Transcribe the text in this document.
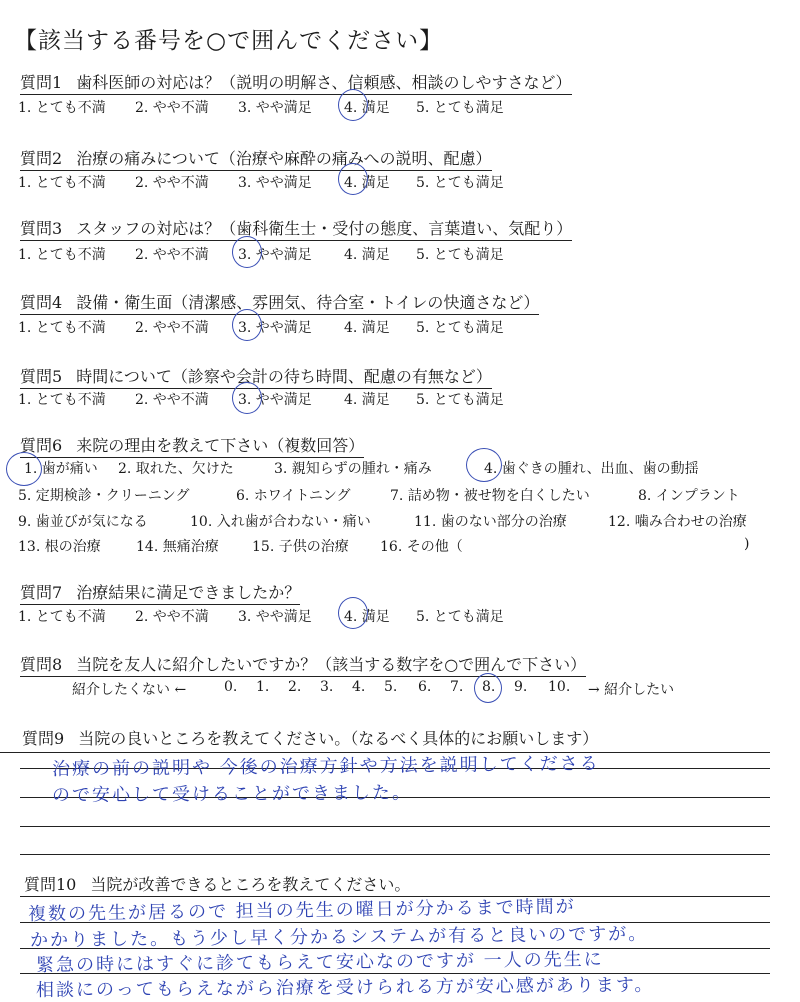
【該当する番号を○で囲んでください】
質問1 歯科医師の対応は？（説明の明解さ、信頼感、相談のしやすさなど）
1. とても不満 2. やや不満 3. やや満足 4. 満足 5. とても満足
質問2 治療の痛みについて（治療や麻酔の痛みへの説明、配慮）
1. とても不満 2. やや不満 3. やや満足 4. 満足 5. とても満足
質問3 スタッフの対応は？（歯科衛生士・受付の態度、言葉遣い、気配り）
1. とても不満 2. やや不満 3. やや満足 4. 満足 5. とても満足
質問4 設備・衛生面（清潔感、雰囲気、待合室・トイレの快適さなど）
1. とても不満 2. やや不満 3. やや満足 4. 満足 5. とても満足
質問5 時間について（診察や会計の待ち時間、配慮の有無など）
1. とても不満 2. やや不満 3. やや満足 4. 満足 5. とても満足
質問6 来院の理由を教えて下さい（複数回答）
1. 歯が痛い 2. 取れた、欠けた	3. 親知らずの腫れ・痛み	4. 歯ぐきの腫れ、出血、歯の動揺
5. 定期検診・クリーニング	6. ホワイトニング	7. 詰め物・被せ物を白くしたい	8. インプラント
9. 歯並びが気になる	10. 入れ歯が合わない・痛い	11. 歯のない部分の治療	12. 噛み合わせの治療
13. 根の治療	14. 無痛治療 15. 子供の治療 16. その他（	)
質問7 治療結果に満足できましたか？
1. とても不満 2. やや不満 3. やや満足 4. 満足 5. とても満足
質問8 当院を友人に紹介したいですか？（該当する数字を○で囲んで下さい）
紹介したくない ←	0. 1. 2. 3. 4. 5. 6. 7. 8. 9. 10. → 紹介したい
質問9 当院の良いところを教えてください。（なるべく具体的にお願いします）
治療の前の説明や 今後の治療方針や方法を説明してくださる
ので安心して受けることができました。
質問10 当院が改善できるところを教えてください。
複数の先生が居るので 担当の先生の曜日が分かるまで時間が
かかりました。もう少し早く分かるシステムが有ると良いのですが。
緊急の時にはすぐに診てもらえて安心なのですが 一人の先生に
相談にのってもらえながら治療を受けられる方が安心感があります。
